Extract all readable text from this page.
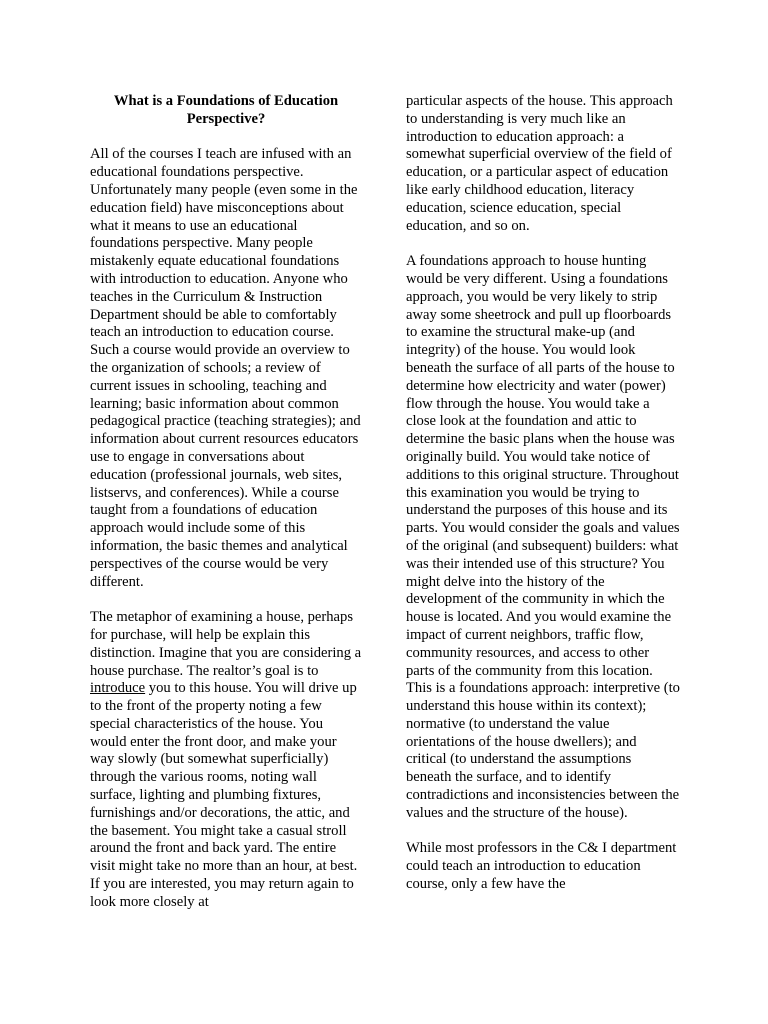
What is a Foundations of Education Perspective?

All of the courses I teach are infused with an educational foundations perspective. Unfortunately many people (even some in the education field) have misconceptions about what it means to use an educational foundations perspective. Many people mistakenly equate educational foundations with introduction to education. Anyone who teaches in the Curriculum & Instruction Department should be able to comfortably teach an introduction to education course. Such a course would provide an overview to the organization of schools; a review of current issues in schooling, teaching and learning; basic information about common pedagogical practice (teaching strategies); and information about current resources educators use to engage in conversations about education (professional journals, web sites, listservs, and conferences). While a course taught from a foundations of education approach would include some of this information, the basic themes and analytical perspectives of the course would be very different.

The metaphor of examining a house, perhaps for purchase, will help be explain this distinction. Imagine that you are considering a house purchase. The realtor’s goal is to introduce you to this house. You will drive up to the front of the property noting a few special characteristics of the house. You would enter the front door, and make your way slowly (but somewhat superficially) through the various rooms, noting wall surface, lighting and plumbing fixtures, furnishings and/or decorations, the attic, and the basement. You might take a casual stroll around the front and back yard. The entire visit might take no more than an hour, at best. If you are interested, you may return again to look more closely at

particular aspects of the house. This approach to understanding is very much like an introduction to education approach: a somewhat superficial overview of the field of education, or a particular aspect of education like early childhood education, literacy education, science education, special education, and so on.

A foundations approach to house hunting would be very different. Using a foundations approach, you would be very likely to strip away some sheetrock and pull up floorboards to examine the structural make-up (and integrity) of the house. You would look beneath the surface of all parts of the house to determine how electricity and water (power) flow through the house. You would take a close look at the foundation and attic to determine the basic plans when the house was originally build. You would take notice of additions to this original structure. Throughout this examination you would be trying to understand the purposes of this house and its parts. You would consider the goals and values of the original (and subsequent) builders: what was their intended use of this structure? You might delve into the history of the development of the community in which the house is located. And you would examine the impact of current neighbors, traffic flow, community resources, and access to other parts of the community from this location. This is a foundations approach: interpretive (to understand this house within its context); normative (to understand the value orientations of the house dwellers); and critical (to understand the assumptions beneath the surface, and to identify contradictions and inconsistencies between the values and the structure of the house).

While most professors in the C& I department could teach an introduction to education course, only a few have the
